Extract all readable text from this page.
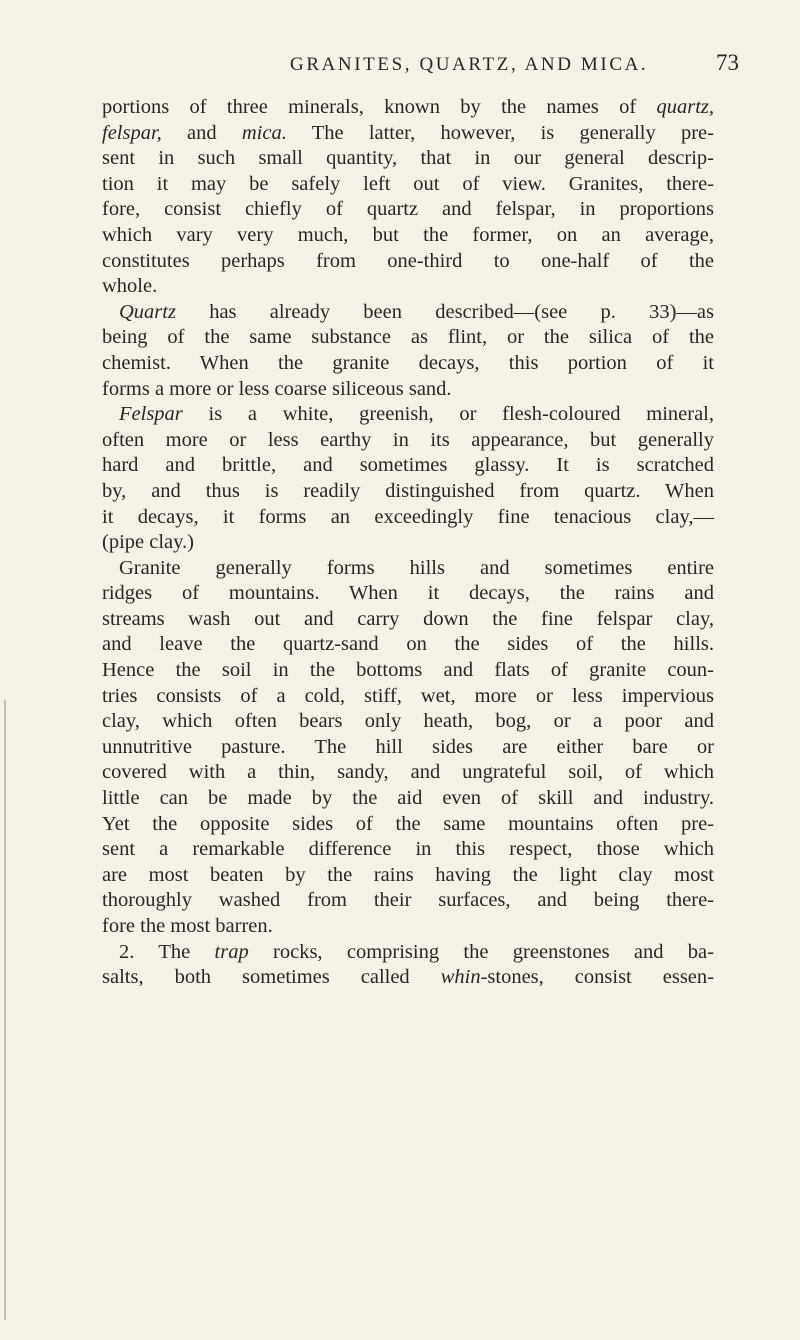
GRANITES, QUARTZ, AND MICA.	73
portions of three minerals, known by the names of quartz,
felspar, and mica. The latter, however, is generally pre-
sent in such small quantity, that in our general descrip-
tion it may be safely left out of view. Granites, there-
fore, consist chiefly of quartz and felspar, in proportions
which vary very much, but the former, on an average,
constitutes perhaps from one-third to one-half of the
whole.
Quartz has already been described—(see p. 33)—as
being of the same substance as flint, or the silica of the
chemist. When the granite decays, this portion of it
forms a more or less coarse siliceous sand.
Felspar is a white, greenish, or flesh-coloured mineral,
often more or less earthy in its appearance, but generally
hard and brittle, and sometimes glassy. It is scratched
by, and thus is readily distinguished from quartz. When
it decays, it forms an exceedingly fine tenacious clay,—
(pipe clay.)
Granite generally forms hills and sometimes entire
ridges of mountains. When it decays, the rains and
streams wash out and carry down the fine felspar clay,
and leave the quartz-sand on the sides of the hills.
Hence the soil in the bottoms and flats of granite coun-
tries consists of a cold, stiff, wet, more or less impervious
clay, which often bears only heath, bog, or a poor and
unnutritive pasture. The hill sides are either bare or
covered with a thin, sandy, and ungrateful soil, of which
little can be made by the aid even of skill and industry.
Yet the opposite sides of the same mountains often pre-
sent a remarkable difference in this respect, those which
are most beaten by the rains having the light clay most
thoroughly washed from their surfaces, and being there-
fore the most barren.
2. The trap rocks, comprising the greenstones and ba-
salts, both sometimes called whin-stones, consist essen-
